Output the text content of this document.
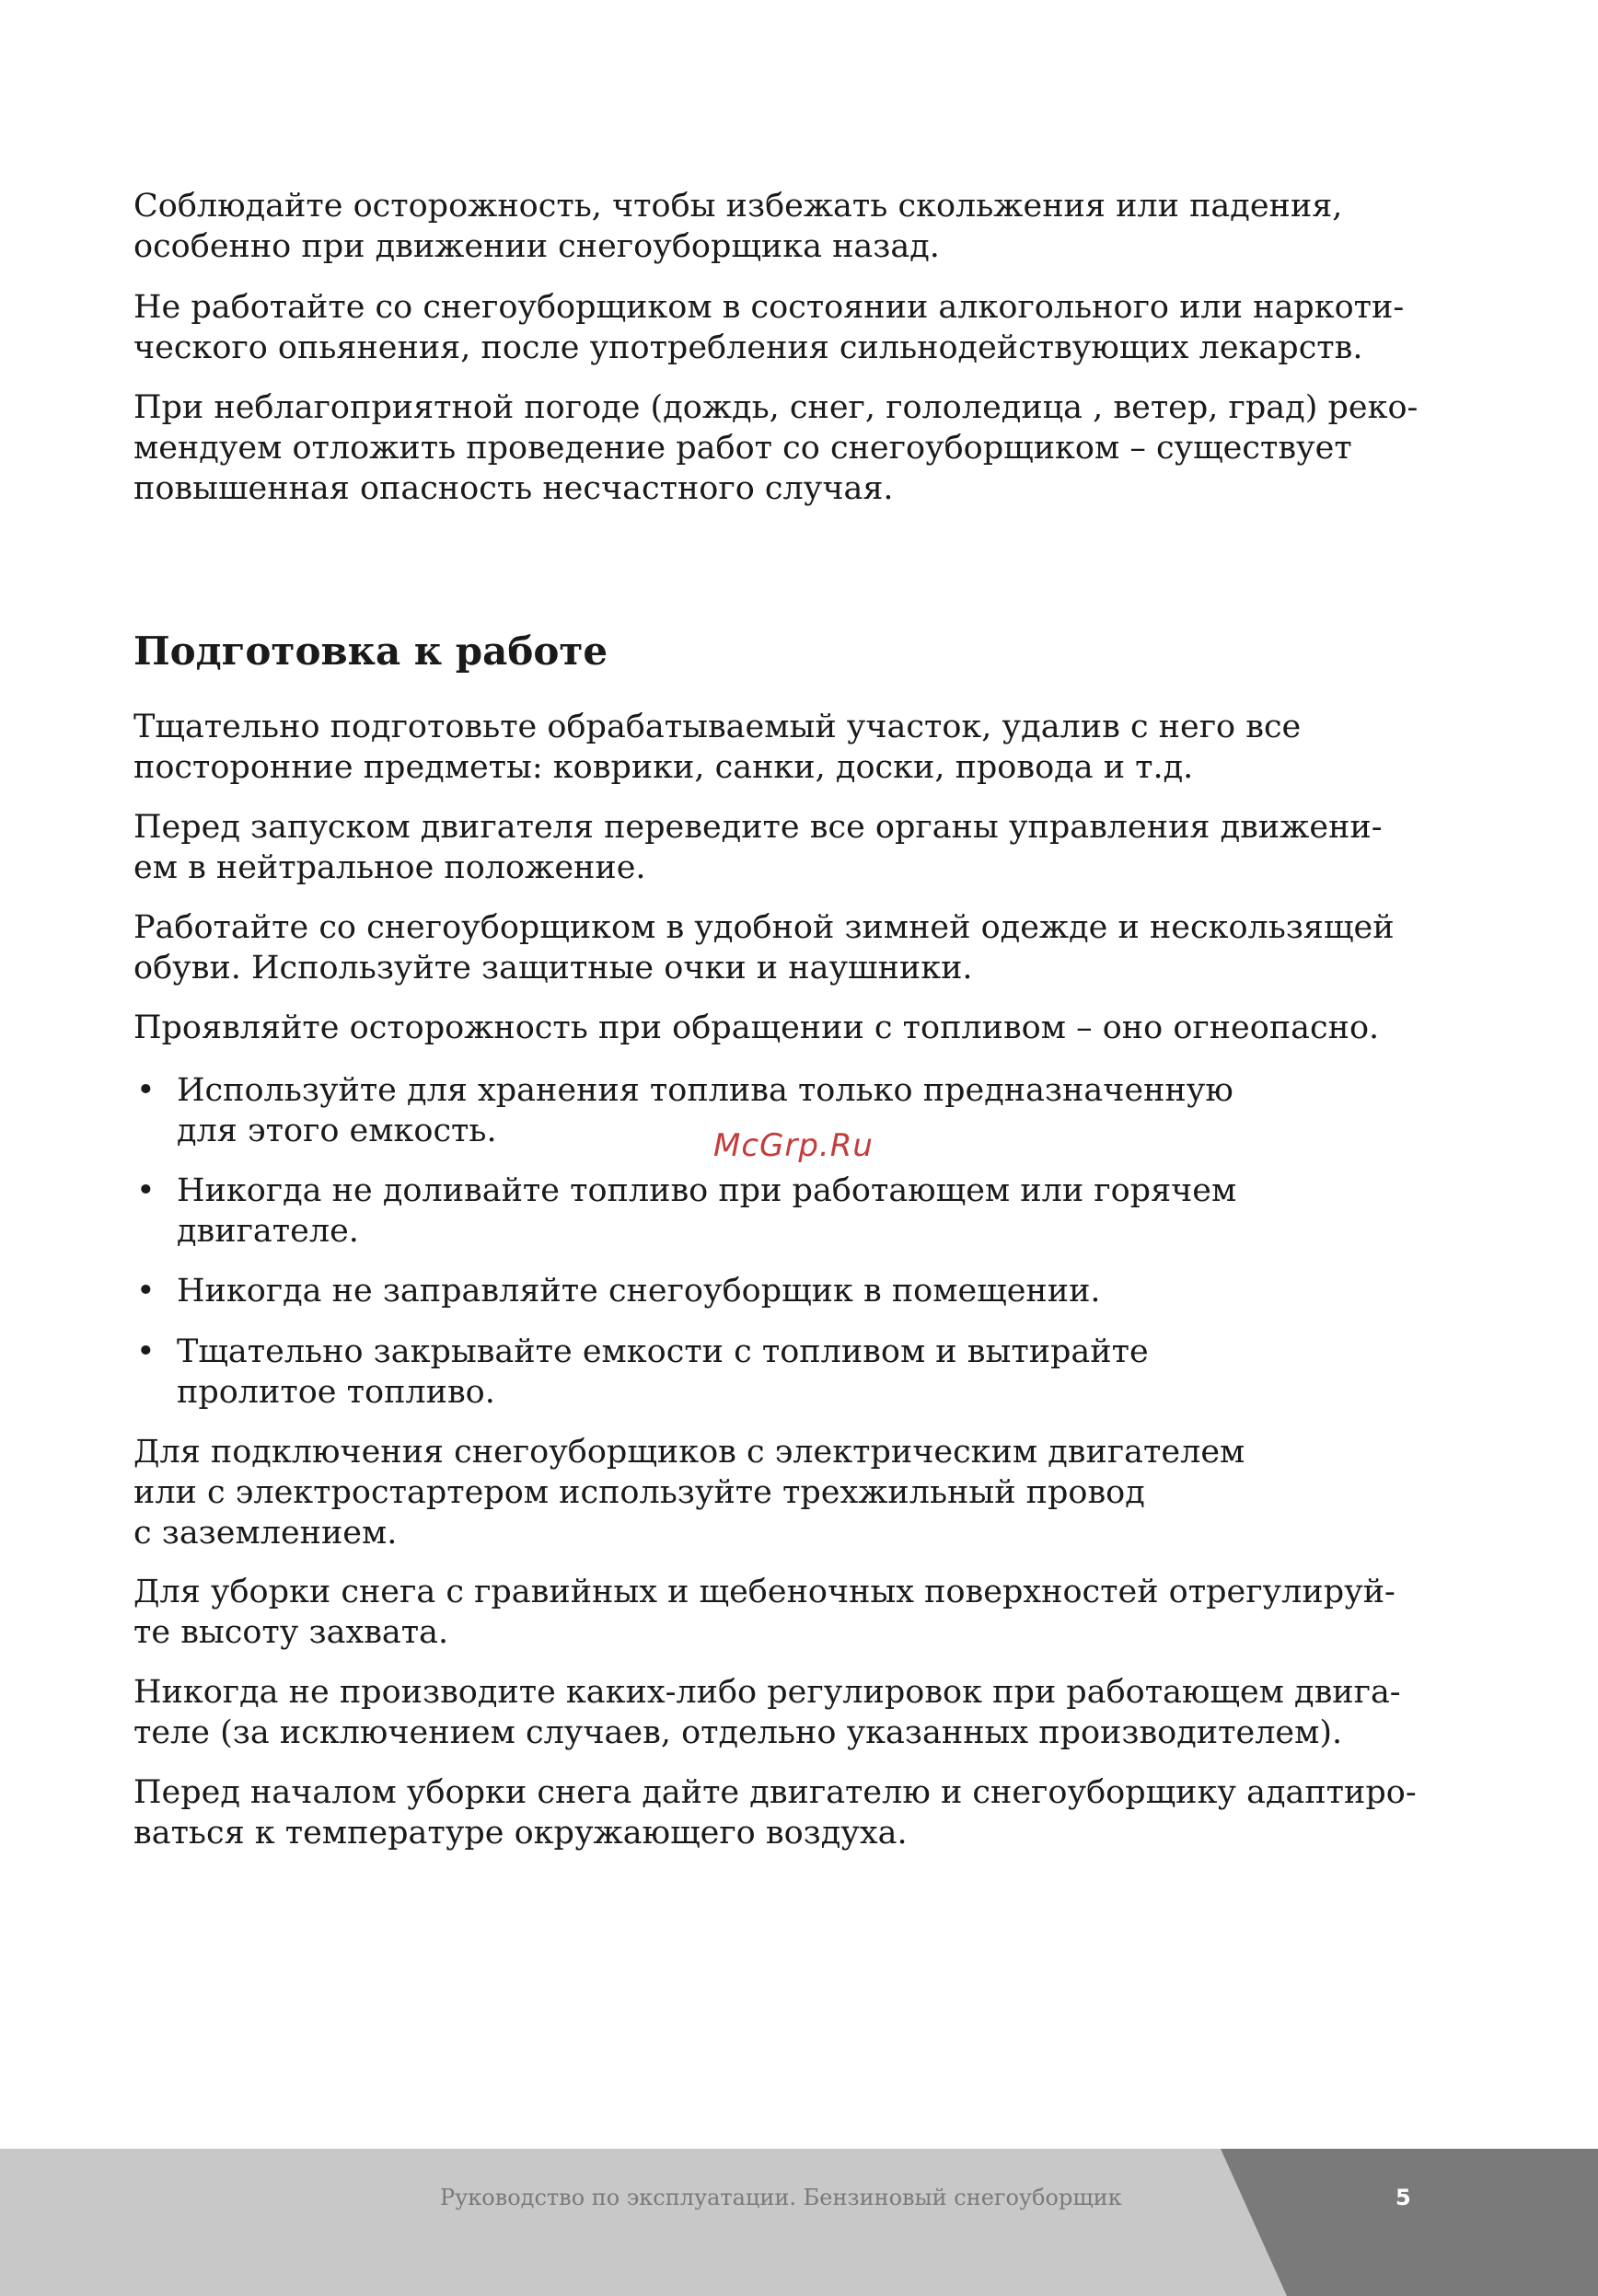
Соблюдайте осторожность, чтобы избежать скольжения или падения,
особенно при движении снегоуборщика назад.

Не работайте со снегоуборщиком в состоянии алкогольного или наркоти-
ческого опьянения, после употребления сильнодействующих лекарств.

При неблагоприятной погоде (дождь, снег, гололедица , ветер, град) реко-
мендуем отложить проведение работ со снегоуборщиком – существует
повышенная опасность несчастного случая.

Подготовка к работе

Тщательно подготовьте обрабатываемый участок, удалив с него все
посторонние предметы: коврики, санки, доски, провода и т.д.

Перед запуском двигателя переведите все органы управления движени-
ем в нейтральное положение.

Работайте со снегоуборщиком в удобной зимней одежде и нескользящей
обуви. Используйте защитные очки и наушники.

Проявляйте осторожность при обращении с топливом – оно огнеопасно.

• Используйте для хранения топлива только предназначенную
для этого емкость.
• Никогда не доливайте топливо при работающем или горячем
двигателе.
• Никогда не заправляйте снегоуборщик в помещении.
• Тщательно закрывайте емкости с топливом и вытирайте
пролитое топливо.

Для подключения снегоуборщиков с электрическим двигателем
или с электростартером используйте трехжильный провод
с заземлением.

Для уборки снега с гравийных и щебеночных поверхностей отрегулируй-
те высоту захвата.

Никогда не производите каких-либо регулировок при работающем двига-
теле (за исключением случаев, отдельно указанных производителем).

Перед началом уборки снега дайте двигателю и снегоуборщику адаптиро-
ваться к температуре окружающего воздуха.

McGrp.Ru
Руководство по эксплуатации. Бензиновый снегоуборщик	5
